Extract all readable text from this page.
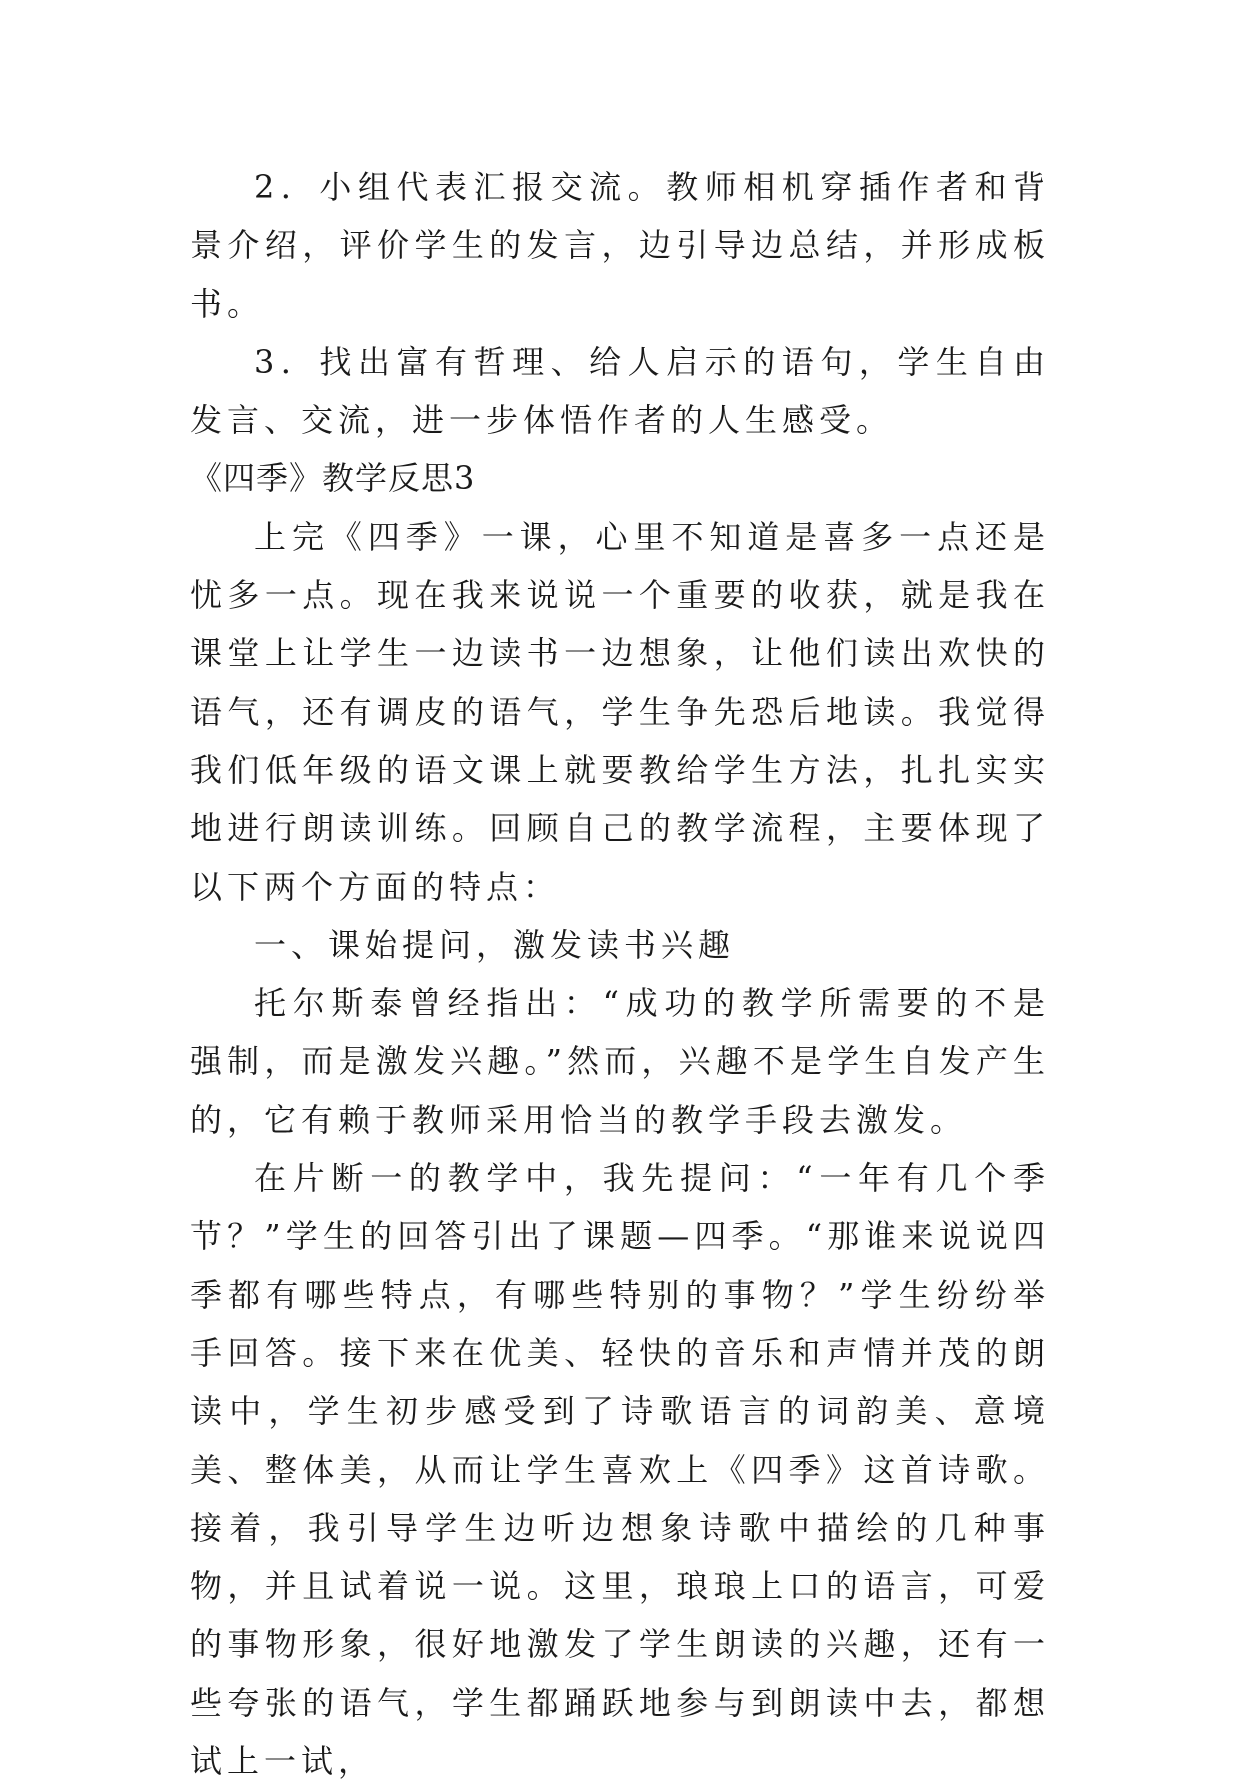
2．小组代表汇报交流。教师相机穿插作者和背景介绍，评价学生的发言，边引导边总结，并形成板书。

3．找出富有哲理、给人启示的语句，学生自由发言、交流，进一步体悟作者的人生感受。

《四季》教学反思3

上完《四季》一课，心里不知道是喜多一点还是忧多一点。现在我来说说一个重要的收获，就是我在课堂上让学生一边读书一边想象，让他们读出欢快的语气，还有调皮的语气，学生争先恐后地读。我觉得我们低年级的语文课上就要教给学生方法，扎扎实实地进行朗读训练。回顾自己的教学流程，主要体现了以下两个方面的特点：

一、课始提问，激发读书兴趣

托尔斯泰曾经指出：“成功的教学所需要的不是强制，而是激发兴趣。”然而，兴趣不是学生自发产生的，它有赖于教师采用恰当的教学手段去激发。

在片断一的教学中，我先提问：“一年有几个季节？”学生的回答引出了课题—四季。“那谁来说说四季都有哪些特点，有哪些特别的事物？”学生纷纷举手回答。接下来在优美、轻快的音乐和声情并茂的朗读中，学生初步感受到了诗歌语言的词韵美、意境美、整体美，从而让学生喜欢上《四季》这首诗歌。接着，我引导学生边听边想象诗歌中描绘的几种事物，并且试着说一说。这里，琅琅上口的语言，可爱的事物形象，很好地激发了学生朗读的兴趣，还有一些夸张的语气，学生都踊跃地参与到朗读中去，都想试上一试，
